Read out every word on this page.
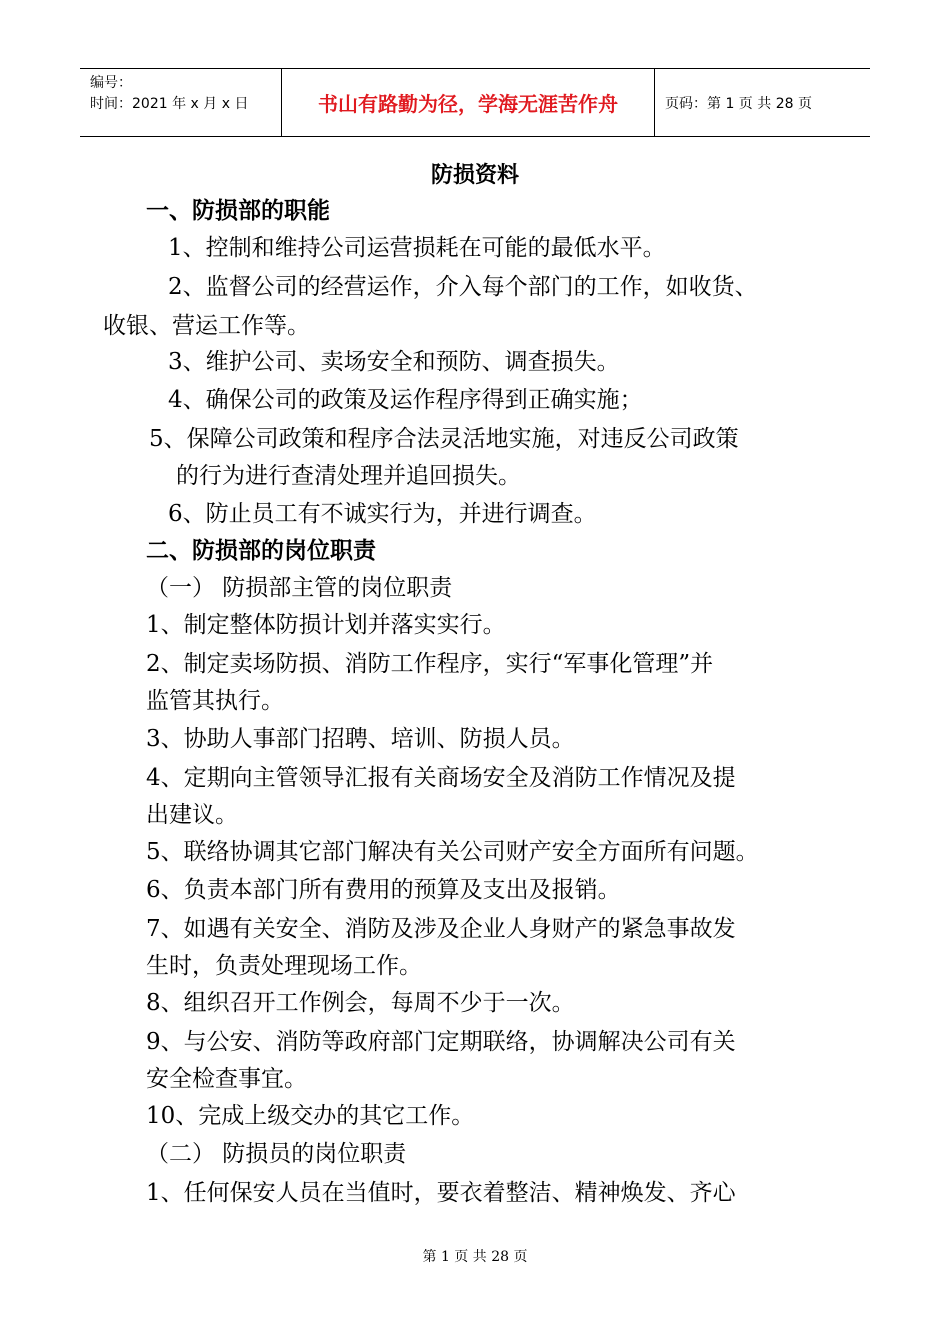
编号：
时间：2021 年 x 月 x 日	书山有路勤为径，学海无涯苦作舟	页码：第 1 页 共 28 页
防损资料
一、防损部的职能
1、控制和维持公司运营损耗在可能的最低水平。
2、监督公司的经营运作，介入每个部门的工作，如收货、
收银、营运工作等。
3、维护公司、卖场安全和预防、调查损失。
4、确保公司的政策及运作程序得到正确实施；
5、保障公司政策和程序合法灵活地实施，对违反公司政策
的行为进行查清处理并追回损失。
6、防止员工有不诚实行为，并进行调查。
二、防损部的岗位职责
（一） 防损部主管的岗位职责
1、制定整体防损计划并落实实行。
2、制定卖场防损、消防工作程序，实行“军事化管理”并
监管其执行。
3、协助人事部门招聘、培训、防损人员。
4、定期向主管领导汇报有关商场安全及消防工作情况及提
出建议。
5、联络协调其它部门解决有关公司财产安全方面所有问题。
6、负责本部门所有费用的预算及支出及报销。
7、如遇有关安全、消防及涉及企业人身财产的紧急事故发
生时，负责处理现场工作。
8、组织召开工作例会，每周不少于一次。
9、与公安、消防等政府部门定期联络，协调解决公司有关
安全检查事宜。
10、完成上级交办的其它工作。
（二） 防损员的岗位职责
1、任何保安人员在当值时，要衣着整洁、精神焕发、齐心
第 1 页 共 28 页
